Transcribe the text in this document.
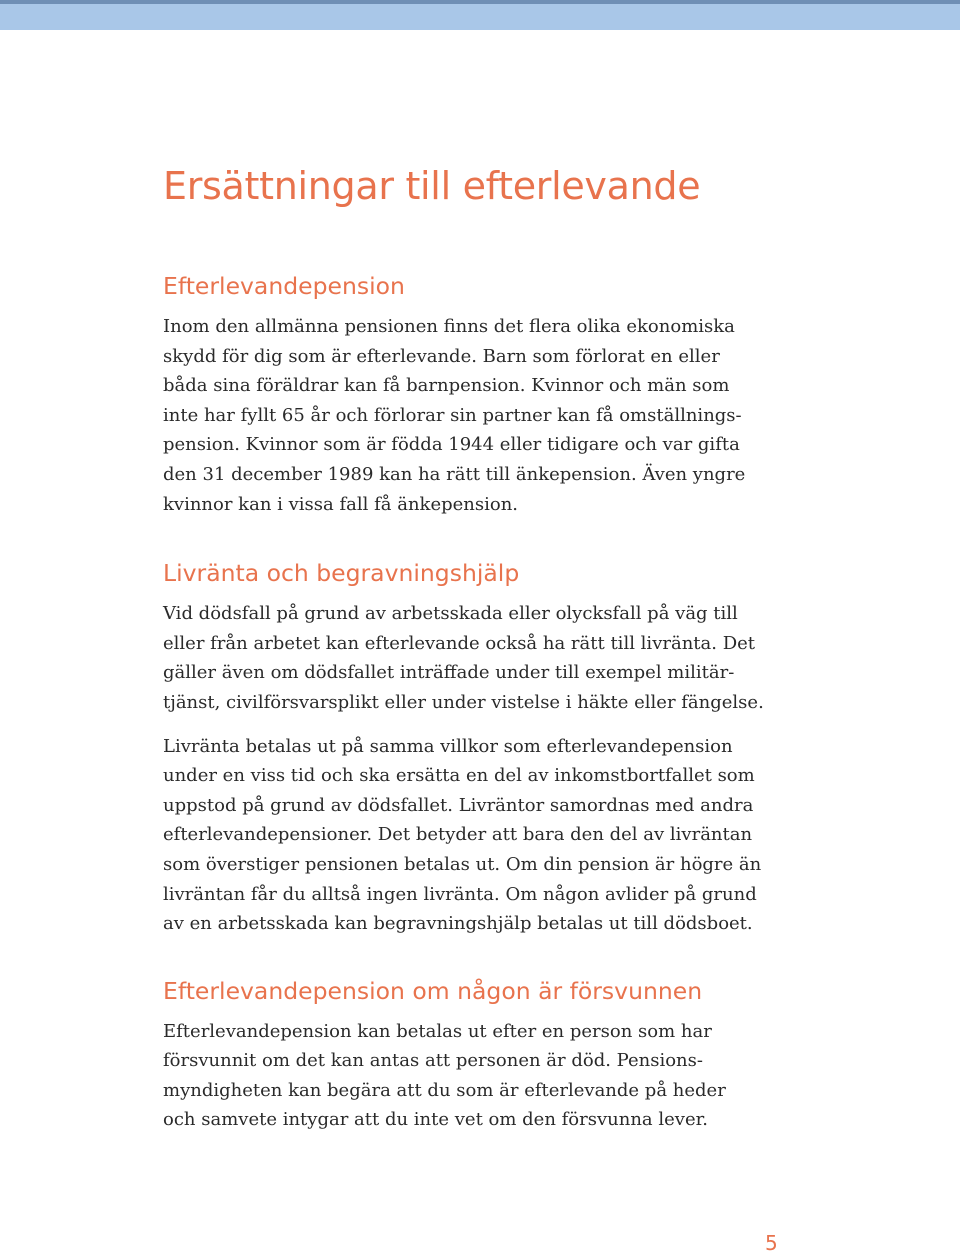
Ersättningar till efterlevande
Efterlevandepension

Inom den allmänna pensionen finns det flera olika ekonomiska
skydd för dig som är efterlevande. Barn som förlorat en eller
båda sina föräldrar kan få barnpension. Kvinnor och män som
inte har fyllt 65 år och förlorar sin partner kan få omställnings-
pension. Kvinnor som är födda 1944 eller tidigare och var gifta
den 31 december 1989 kan ha rätt till änkepension. Även yngre
kvinnor kan i vissa fall få änkepension.

Livränta och begravningshjälp

Vid dödsfall på grund av arbetsskada eller olycksfall på väg till
eller från arbetet kan efterlevande också ha rätt till livränta. Det
gäller även om dödsfallet inträffade under till exempel militär-
tjänst, civilförsvarsplikt eller under vistelse i häkte eller fängelse.

Livränta betalas ut på samma villkor som efterlevandepension
under en viss tid och ska ersätta en del av inkomstbortfallet som
uppstod på grund av dödsfallet. Livräntor samordnas med andra
efterlevandepensioner. Det betyder att bara den del av livräntan
som överstiger pensionen betalas ut. Om din pension är högre än
livräntan får du alltså ingen livränta. Om någon avlider på grund
av en arbetsskada kan begravningshjälp betalas ut till dödsboet.

Efterlevandepension om någon är försvunnen

Efterlevandepension kan betalas ut efter en person som har
försvunnit om det kan antas att personen är död. Pensions-
myndigheten kan begära att du som är efterlevande på heder
och samvete intygar att du inte vet om den försvunna lever.

5
